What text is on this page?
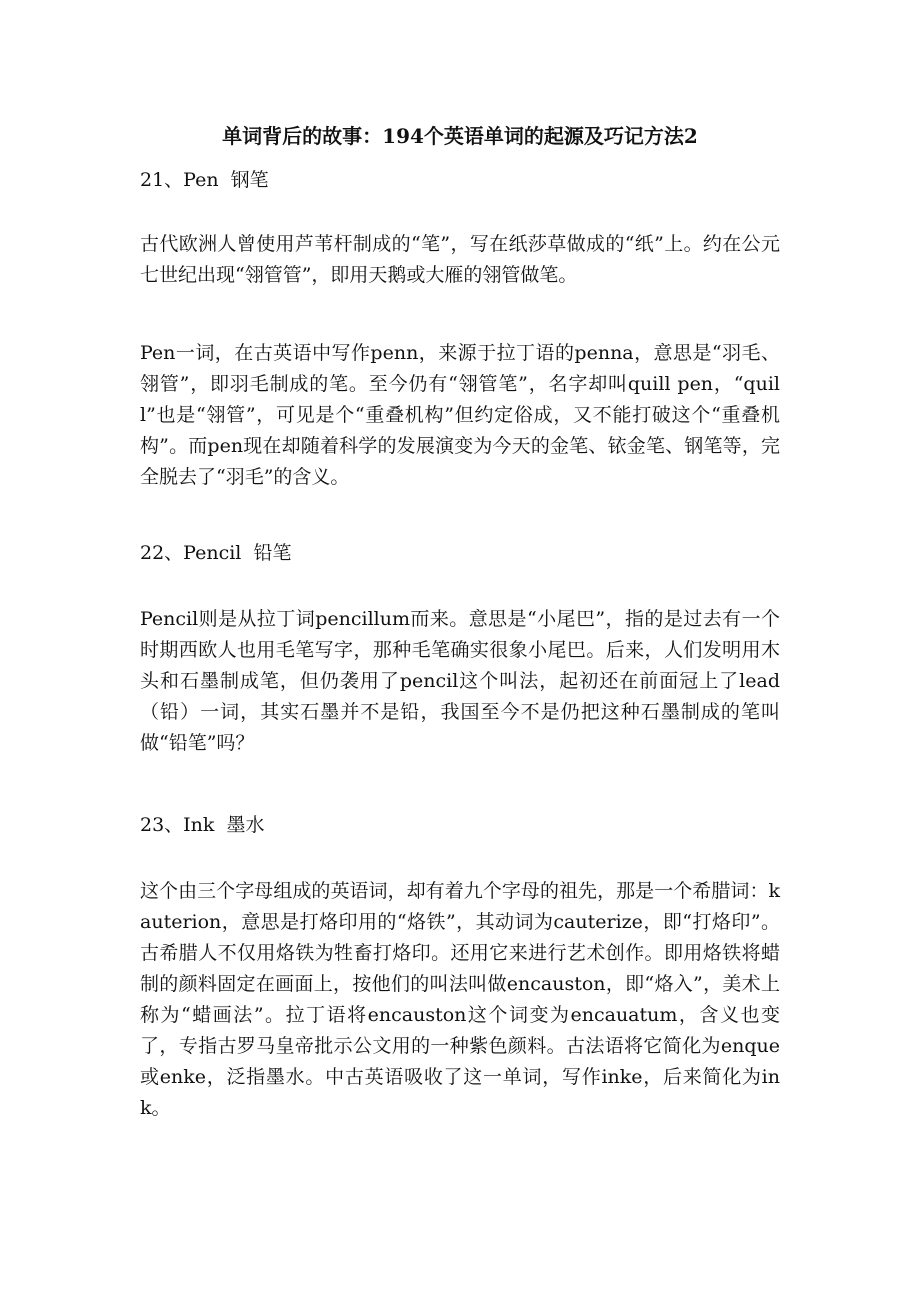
单词背后的故事：194个英语单词的起源及巧记方法2
21、Pen  钢笔
古代欧洲人曾使用芦苇杆制成的“笔”，写在纸莎草做成的“纸”上。约在公元七世纪出现“翎管管”，即用天鹅或大雁的翎管做笔。
Pen一词，在古英语中写作penn，来源于拉丁语的penna，意思是“羽毛、翎管”，即羽毛制成的笔。至今仍有“翎管笔”，名字却叫quill pen，“quill”也是“翎管”，可见是个“重叠机构”但约定俗成，又不能打破这个“重叠机构”。而pen现在却随着科学的发展演变为今天的金笔、铱金笔、钢笔等，完全脱去了“羽毛”的含义。
22、Pencil  铅笔
Pencil则是从拉丁词pencillum而来。意思是“小尾巴”，指的是过去有一个时期西欧人也用毛笔写字，那种毛笔确实很象小尾巴。后来，人们发明用木头和石墨制成笔，但仍袭用了pencil这个叫法，起初还在前面冠上了lead（铅）一词，其实石墨并不是铅，我国至今不是仍把这种石墨制成的笔叫做“铅笔”吗？
23、Ink  墨水
这个由三个字母组成的英语词，却有着九个字母的祖先，那是一个希腊词：kauterion，意思是打烙印用的“烙铁”，其动词为cauterize，即“打烙印”。古希腊人不仅用烙铁为牲畜打烙印。还用它来进行艺术创作。即用烙铁将蜡制的颜料固定在画面上，按他们的叫法叫做encauston，即“烙入”，美术上称为“蜡画法”。拉丁语将encauston这个词变为encauatum，含义也变了，专指古罗马皇帝批示公文用的一种紫色颜料。古法语将它简化为enque或enke，泛指墨水。中古英语吸收了这一单词，写作inke，后来简化为ink。
